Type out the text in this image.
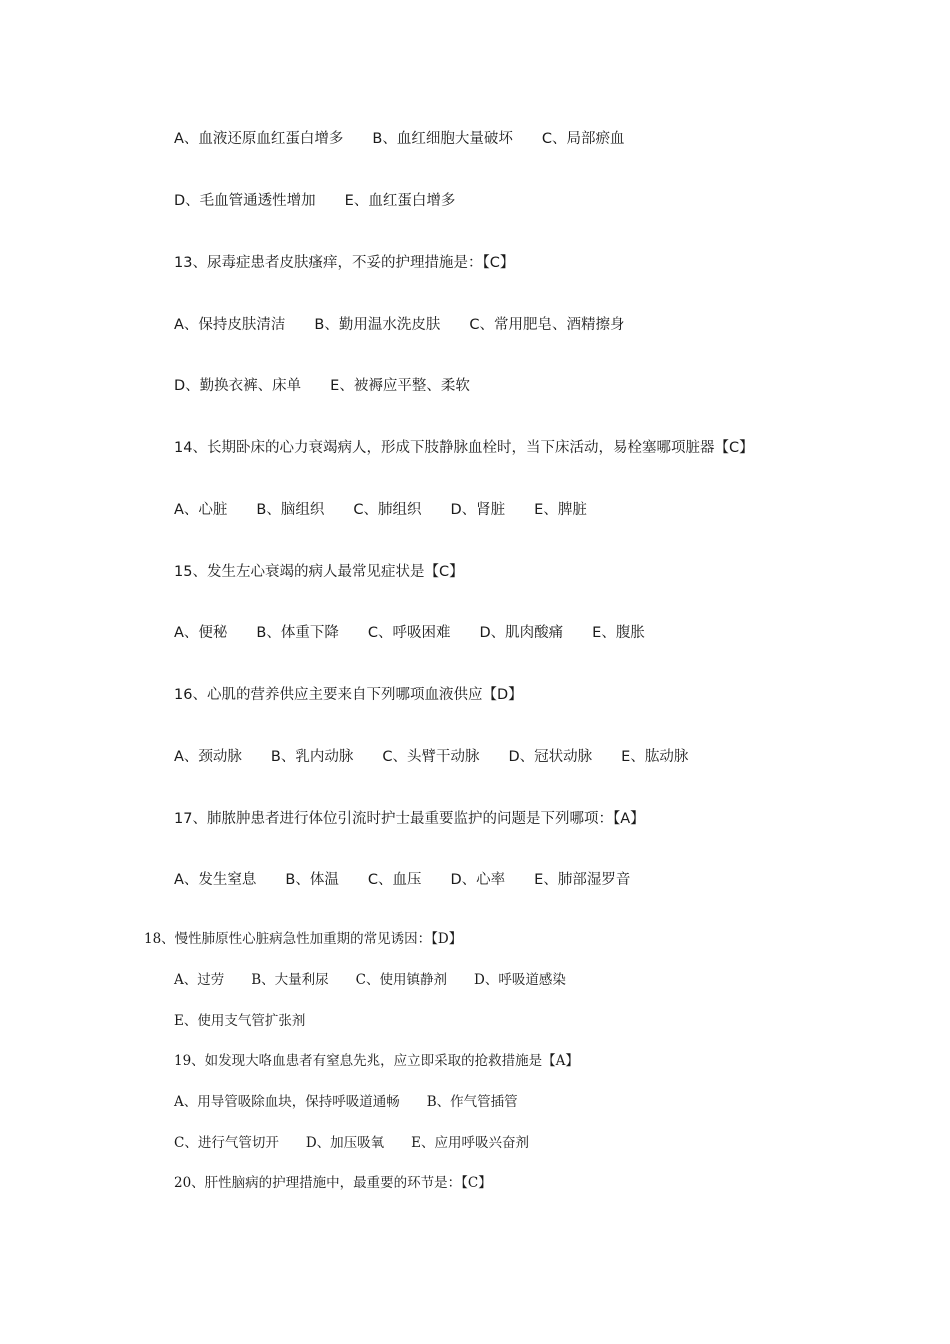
A、血液还原血红蛋白增多　　B、血红细胞大量破坏　　C、局部瘀血
D、毛血管通透性增加　　E、血红蛋白增多
13、尿毒症患者皮肤瘙痒，不妥的护理措施是：【C】
A、保持皮肤清洁　　B、勤用温水洗皮肤　　C、常用肥皂、酒精擦身
D、勤换衣裤、床单　　E、被褥应平整、柔软
14、长期卧床的心力衰竭病人，形成下肢静脉血栓时，当下床活动，易栓塞哪项脏器【C】
A、心脏　　B、脑组织　　C、肺组织　　D、肾脏　　E、脾脏
15、发生左心衰竭的病人最常见症状是【C】
A、便秘　　B、体重下降　　C、呼吸困难　　D、肌肉酸痛　　E、腹胀
16、心肌的营养供应主要来自下列哪项血液供应【D】
A、颈动脉　　B、乳内动脉　　C、头臂干动脉　　D、冠状动脉　　E、肱动脉
17、肺脓肿患者进行体位引流时护士最重要监护的问题是下列哪项：【A】
A、发生窒息　　B、体温　　C、血压　　D、心率　　E、肺部湿罗音
18、慢性肺原性心脏病急性加重期的常见诱因：【D】
A、过劳　　B、大量利尿　　C、使用镇静剂　　D、呼吸道感染
E、使用支气管扩张剂
19、如发现大咯血患者有窒息先兆，应立即采取的抢救措施是【A】
A、用导管吸除血块，保持呼吸道通畅　　B、作气管插管
C、进行气管切开　　D、加压吸氧　　E、应用呼吸兴奋剂
20、肝性脑病的护理措施中，最重要的环节是：【C】
